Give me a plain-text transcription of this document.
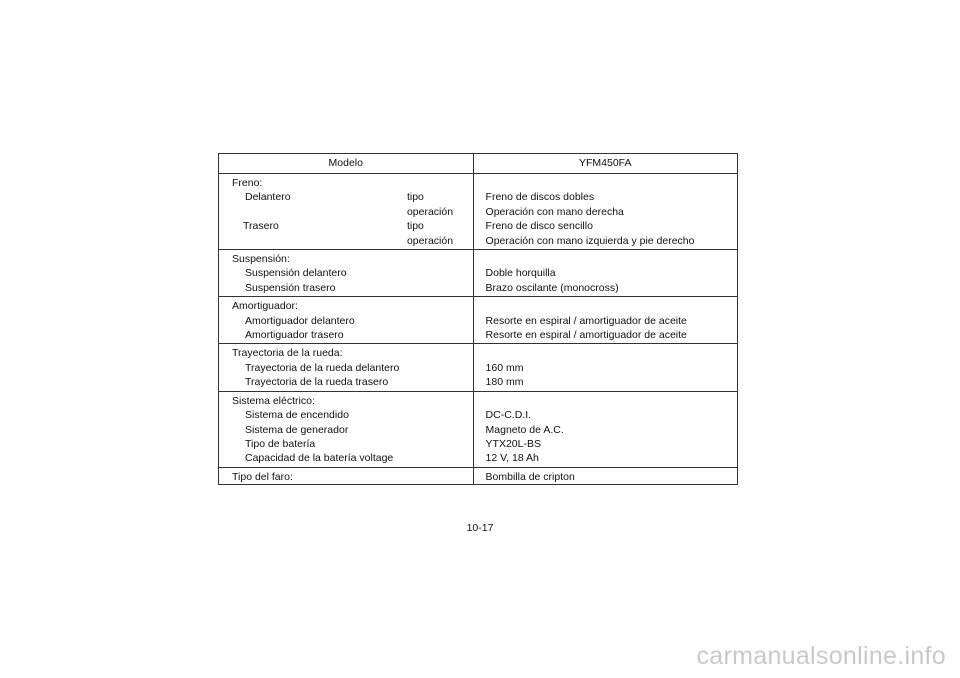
Modelo		YFM450FA
Freno:		
Delantero	tipo	Freno de discos dobles
	operación	Operación con mano derecha
Trasero	tipo	Freno de disco sencillo
	operación	Operación con mano izquierda y pie derecho
Suspensión:		
Suspensión delantero		Doble horquilla
Suspensión trasero		Brazo oscilante (monocross)
Amortiguador:		
Amortiguador delantero		Resorte en espiral / amortiguador de aceite
Amortiguador trasero		Resorte en espiral / amortiguador de aceite
Trayectoria de la rueda:		
Trayectoria de la rueda delantero		160 mm
Trayectoria de la rueda trasero		180 mm
Sistema eléctrico:		
Sistema de encendido		DC-C.D.I.
Sistema de generador		Magneto de A.C.
Tipo de batería		YTX20L-BS
Capacidad de la batería voltage		12 V, 18 Ah
Tipo del faro:		Bombilla de cripton
10-17
carmanualsonline.info
